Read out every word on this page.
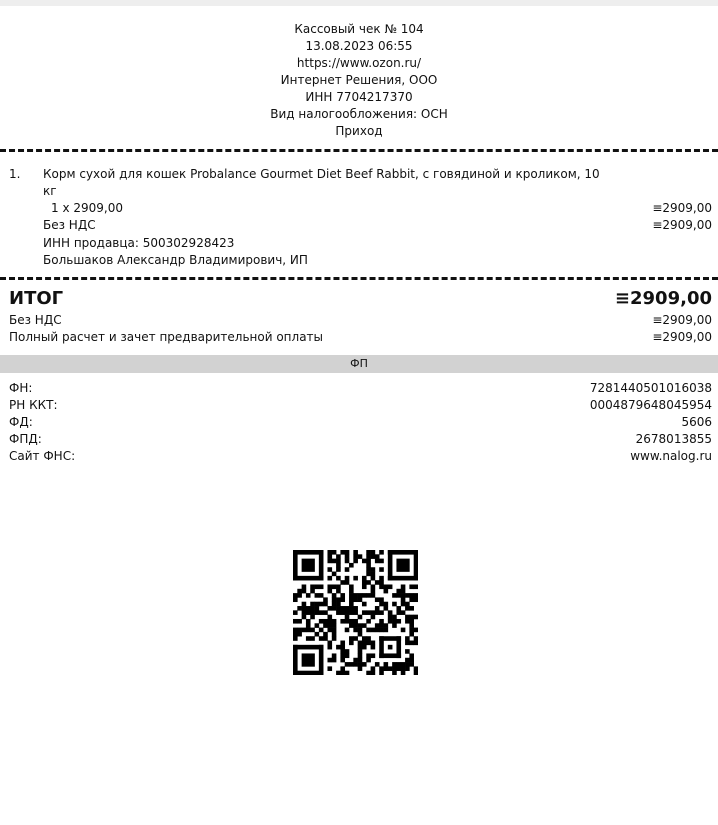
Кассовый чек № 104
13.08.2023 06:55
https://www.ozon.ru/
Интернет Решения, ООО
ИНН 7704217370
Вид налогообложения: ОСН
Приход
1. Корм сухой для кошек Probalance Gourmet Diet Beef Rabbit, с говядиной и кроликом, 10 кг
1 х 2909,00	≡2909,00
Без НДС	≡2909,00
ИНН продавца: 500302928423
Большаков Александр Владимирович, ИП
ИТОГ	≡2909,00
Без НДС	≡2909,00
Полный расчет и зачет предварительной оплаты	≡2909,00
ФП
ФН:	7281440501016038
РН ККТ:	0004879648045954
ФД:	5606
ФПД:	2678013855
Сайт ФНС:	www.nalog.ru
